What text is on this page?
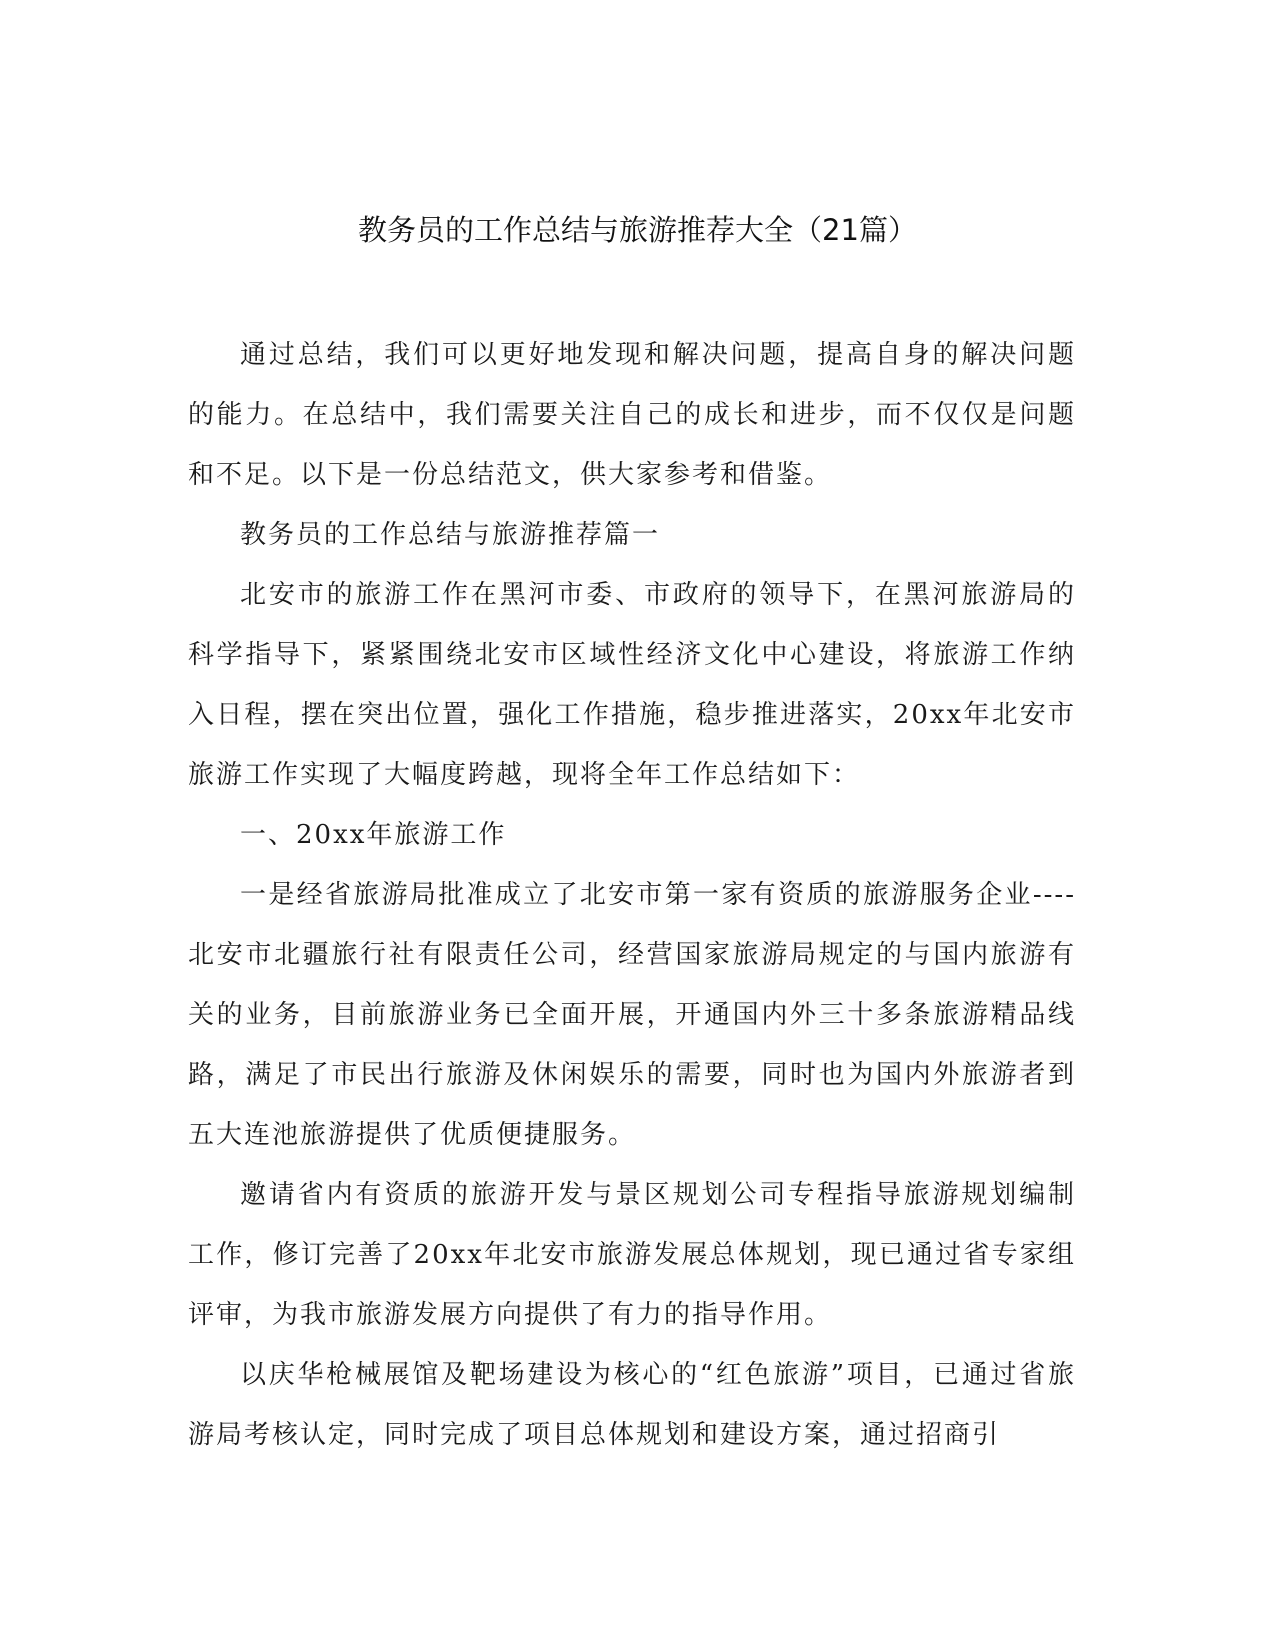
教务员的工作总结与旅游推荐大全（21篇）

通过总结，我们可以更好地发现和解决问题，提高自身的解决问题的能力。在总结中，我们需要关注自己的成长和进步，而不仅仅是问题和不足。以下是一份总结范文，供大家参考和借鉴。

教务员的工作总结与旅游推荐篇一

北安市的旅游工作在黑河市委、市政府的领导下，在黑河旅游局的科学指导下，紧紧围绕北安市区域性经济文化中心建设，将旅游工作纳入日程，摆在突出位置，强化工作措施，稳步推进落实，20xx年北安市旅游工作实现了大幅度跨越，现将全年工作总结如下：

一、20xx年旅游工作

一是经省旅游局批准成立了北安市第一家有资质的旅游服务企业----北安市北疆旅行社有限责任公司，经营国家旅游局规定的与国内旅游有关的业务，目前旅游业务已全面开展，开通国内外三十多条旅游精品线路，满足了市民出行旅游及休闲娱乐的需要，同时也为国内外旅游者到五大连池旅游提供了优质便捷服务。

邀请省内有资质的旅游开发与景区规划公司专程指导旅游规划编制工作，修订完善了20xx年北安市旅游发展总体规划，现已通过省专家组评审，为我市旅游发展方向提供了有力的指导作用。

以庆华枪械展馆及靶场建设为核心的“红色旅游”项目，已通过省旅游局考核认定，同时完成了项目总体规划和建设方案，通过招商引
